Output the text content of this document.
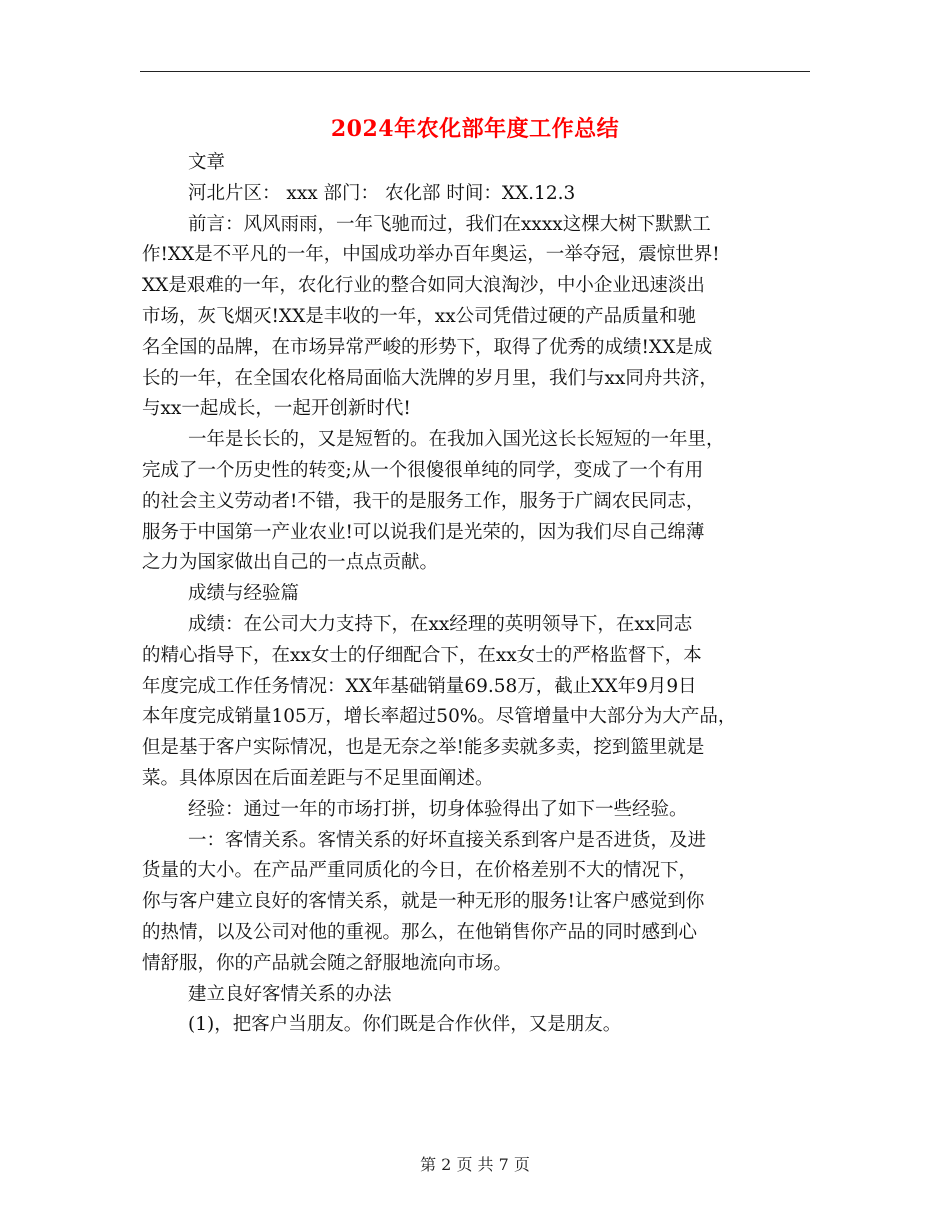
2024年农化部年度工作总结
文章
河北片区： xxx 部门： 农化部 时间：XX.12.3
前言：风风雨雨，一年飞驰而过，我们在xxxx这棵大树下默默工
作!XX是不平凡的一年，中国成功举办百年奥运，一举夺冠，震惊世界!
XX是艰难的一年，农化行业的整合如同大浪淘沙，中小企业迅速淡出
市场，灰飞烟灭!XX是丰收的一年，xx公司凭借过硬的产品质量和驰
名全国的品牌，在市场异常严峻的形势下，取得了优秀的成绩!XX是成
长的一年，在全国农化格局面临大洗牌的岁月里，我们与xx同舟共济，
与xx一起成长，一起开创新时代!
一年是长长的，又是短暂的。在我加入国光这长长短短的一年里，
完成了一个历史性的转变;从一个很傻很单纯的同学，变成了一个有用
的社会主义劳动者!不错，我干的是服务工作，服务于广阔农民同志，
服务于中国第一产业农业!可以说我们是光荣的，因为我们尽自己绵薄
之力为国家做出自己的一点点贡献。
成绩与经验篇
成绩：在公司大力支持下，在xx经理的英明领导下，在xx同志
的精心指导下，在xx女士的仔细配合下，在xx女士的严格监督下，本
年度完成工作任务情况：XX年基础销量69.58万，截止XX年9月9日
本年度完成销量105万，增长率超过50%。尽管增量中大部分为大产品，
但是基于客户实际情况，也是无奈之举!能多卖就多卖，挖到篮里就是
菜。具体原因在后面差距与不足里面阐述。
经验：通过一年的市场打拼，切身体验得出了如下一些经验。
一：客情关系。客情关系的好坏直接关系到客户是否进货，及进
货量的大小。在产品严重同质化的今日，在价格差别不大的情况下，
你与客户建立良好的客情关系，就是一种无形的服务!让客户感觉到你
的热情，以及公司对他的重视。那么，在他销售你产品的同时感到心
情舒服，你的产品就会随之舒服地流向市场。
建立良好客情关系的办法
(1)，把客户当朋友。你们既是合作伙伴，又是朋友。
第 2 页 共 7 页
